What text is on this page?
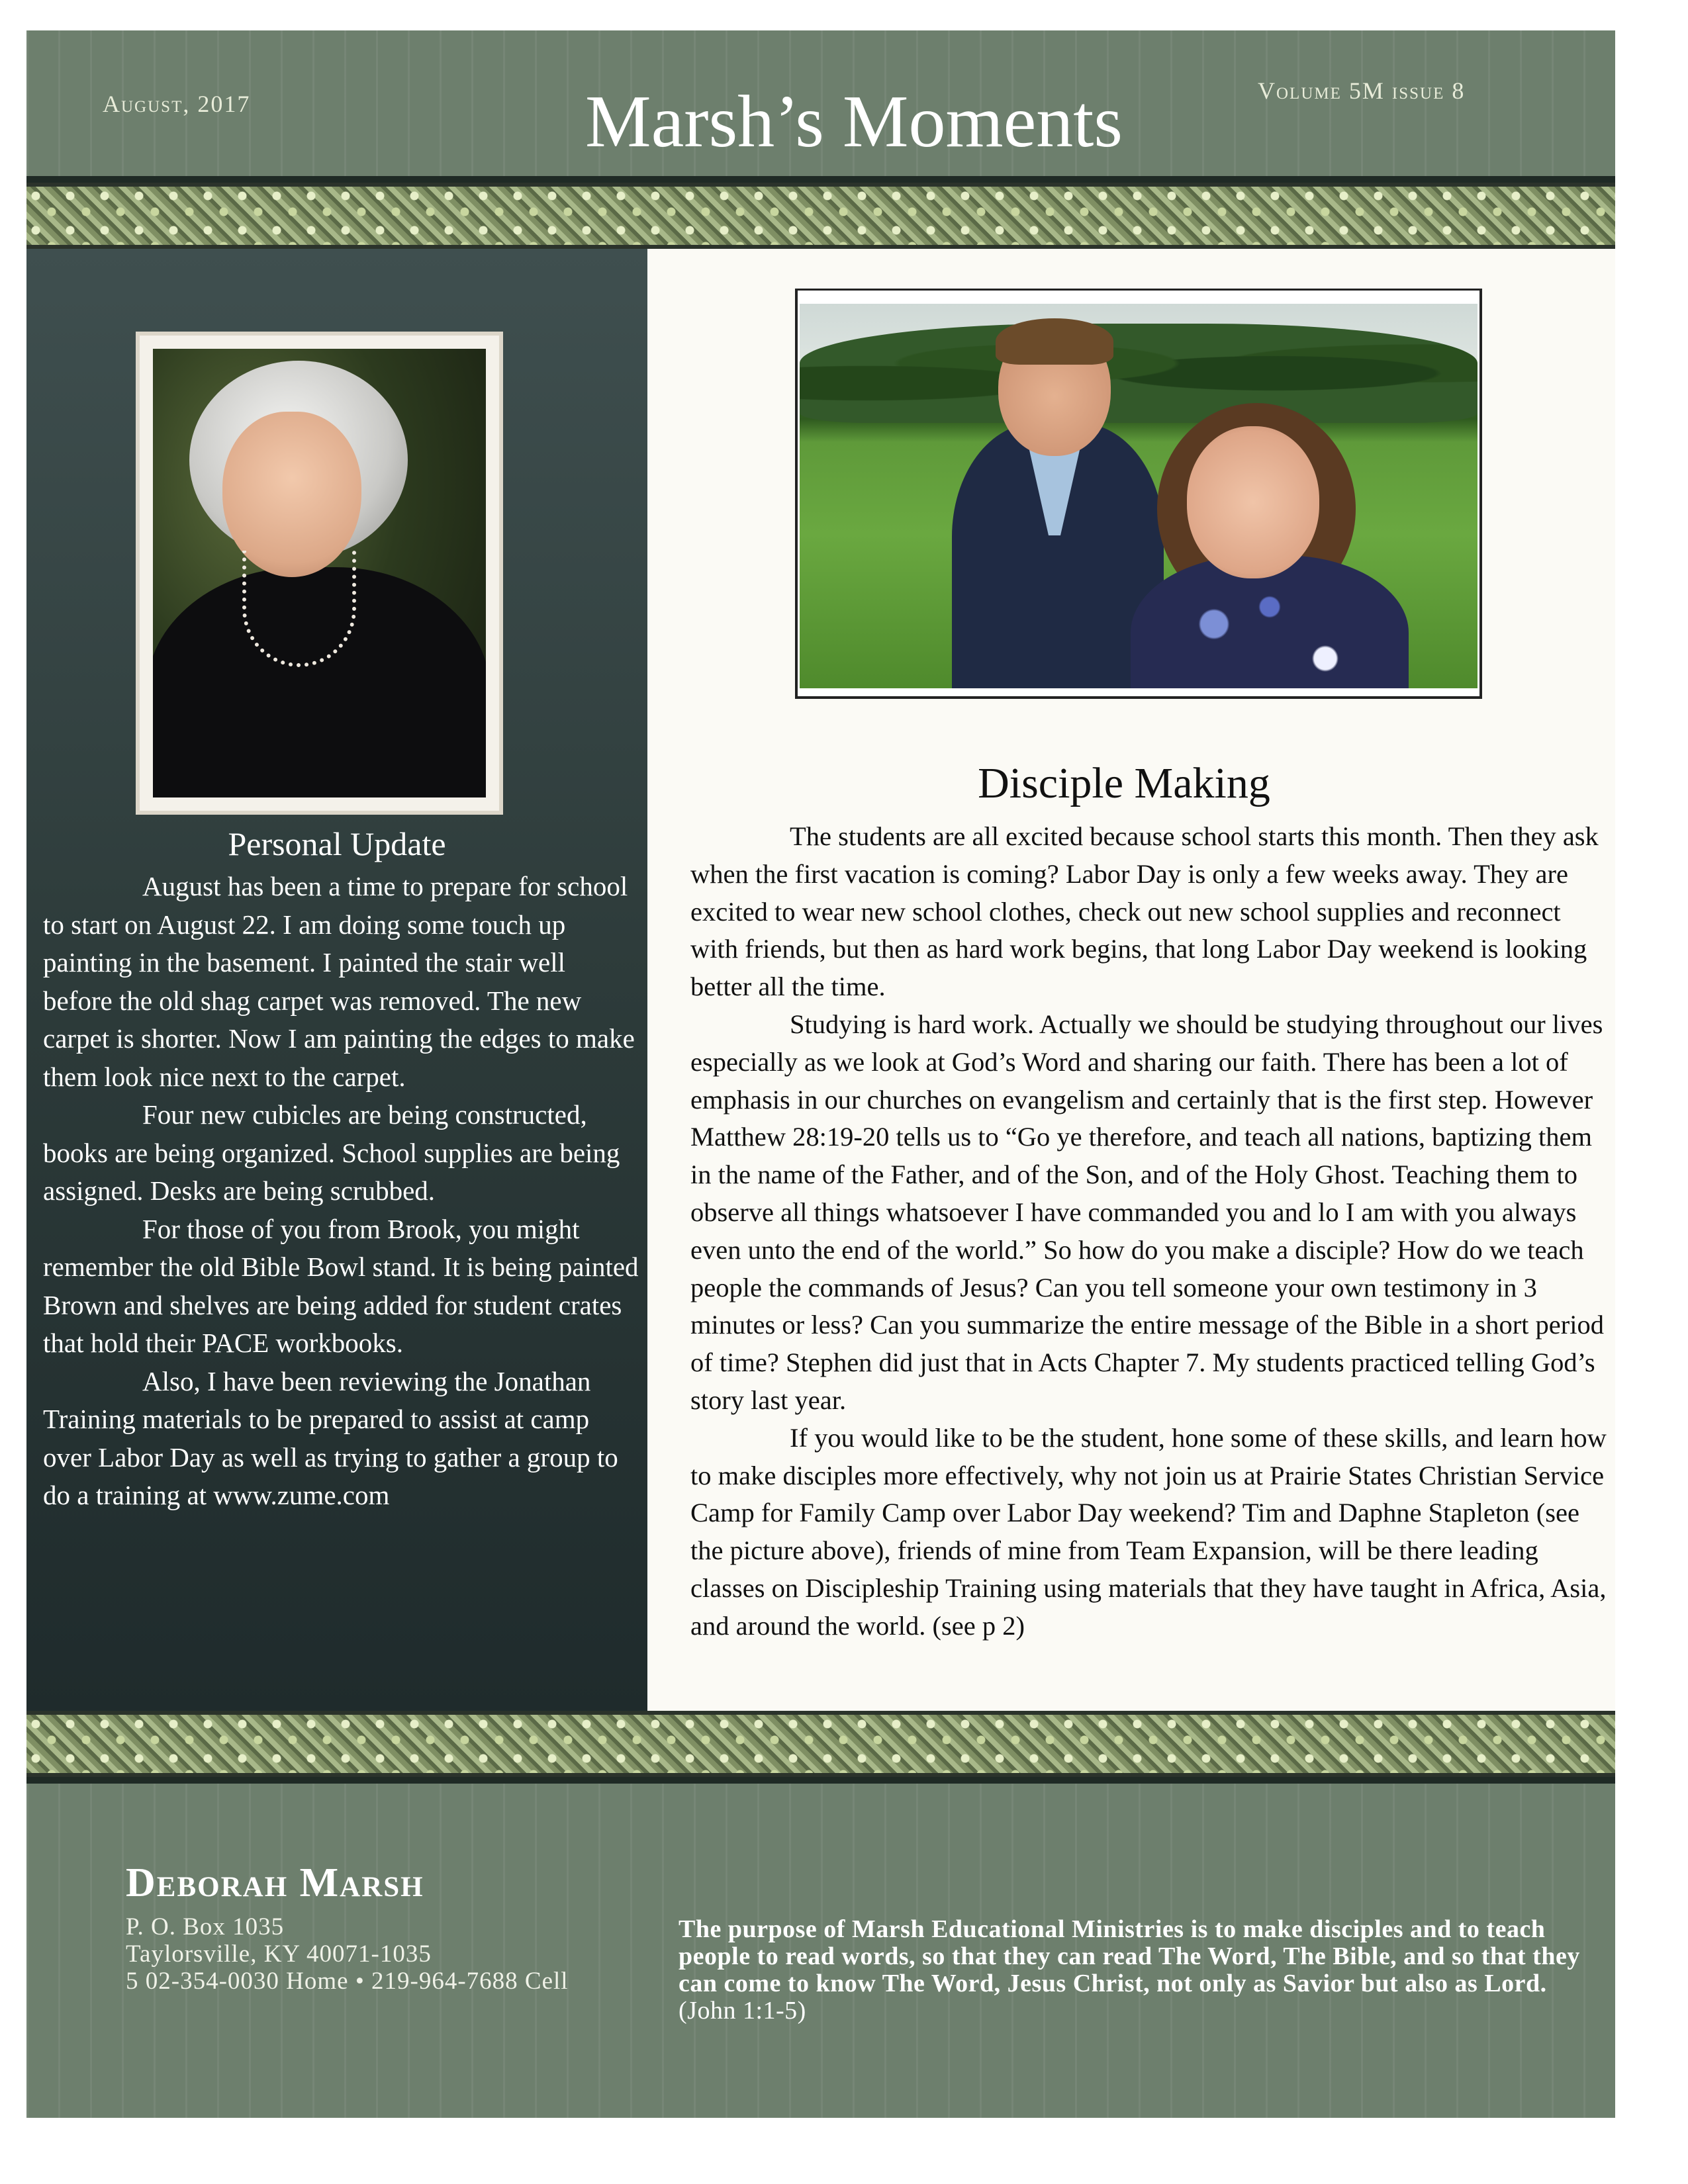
August, 2017	Marsh’s Moments	Volume 5M issue 8
Personal Update

August has been a time to prepare for school to start on August 22. I am doing some touch up painting in the basement. I painted the stair well before the old shag carpet was removed. The new carpet is shorter. Now I am painting the edges to make them look nice next to the carpet.

Four new cubicles are being constructed, books are being organized. School supplies are being assigned. Desks are being scrubbed.

For those of you from Brook, you might remember the old Bible Bowl stand. It is being painted Brown and shelves are being added for student crates that hold their PACE workbooks.

Also, I have been reviewing the Jonathan Training materials to be prepared to assist at camp over Labor Day as well as trying to gather a group to do a training at www.zume.com

Disciple Making

The students are all excited because school starts this month. Then they ask when the first vacation is coming? Labor Day is only a few weeks away. They are excited to wear new school clothes, check out new school supplies and reconnect with friends, but then as hard work begins, that long Labor Day weekend is looking better all the time.

Studying is hard work. Actually we should be studying throughout our lives especially as we look at God’s Word and sharing our faith. There has been a lot of emphasis in our churches on evangelism and certainly that is the first step. However Matthew 28:19-20 tells us to “Go ye therefore, and teach all nations, baptizing them in the name of the Father, and of the Son, and of the Holy Ghost. Teaching them to observe all things whatsoever I have commanded you and lo I am with you always even unto the end of the world.” So how do you make a disciple? How do we teach people the commands of Jesus? Can you tell someone your own testimony in 3 minutes or less? Can you summarize the entire message of the Bible in a short period of time? Stephen did just that in Acts Chapter 7. My students practiced telling God’s story last year.

If you would like to be the student, hone some of these skills, and learn how to make disciples more effectively, why not join us at Prairie States Christian Service Camp for Family Camp over Labor Day weekend? Tim and Daphne Stapleton (see the picture above), friends of mine from Team Expansion, will be there leading classes on Discipleship Training using materials that they have taught in Africa, Asia, and around the world. (see p 2)

Deborah Marsh
P. O. Box 1035
Taylorsville, KY 40071-1035
5 02-354-0030 Home • 219-964-7688 Cell
The purpose of Marsh Educational Ministries is to make disciples and to teach people to read words, so that they can read The Word, The Bible, and so that they can come to know The Word, Jesus Christ, not only as Savior but also as Lord. (John 1:1-5)
